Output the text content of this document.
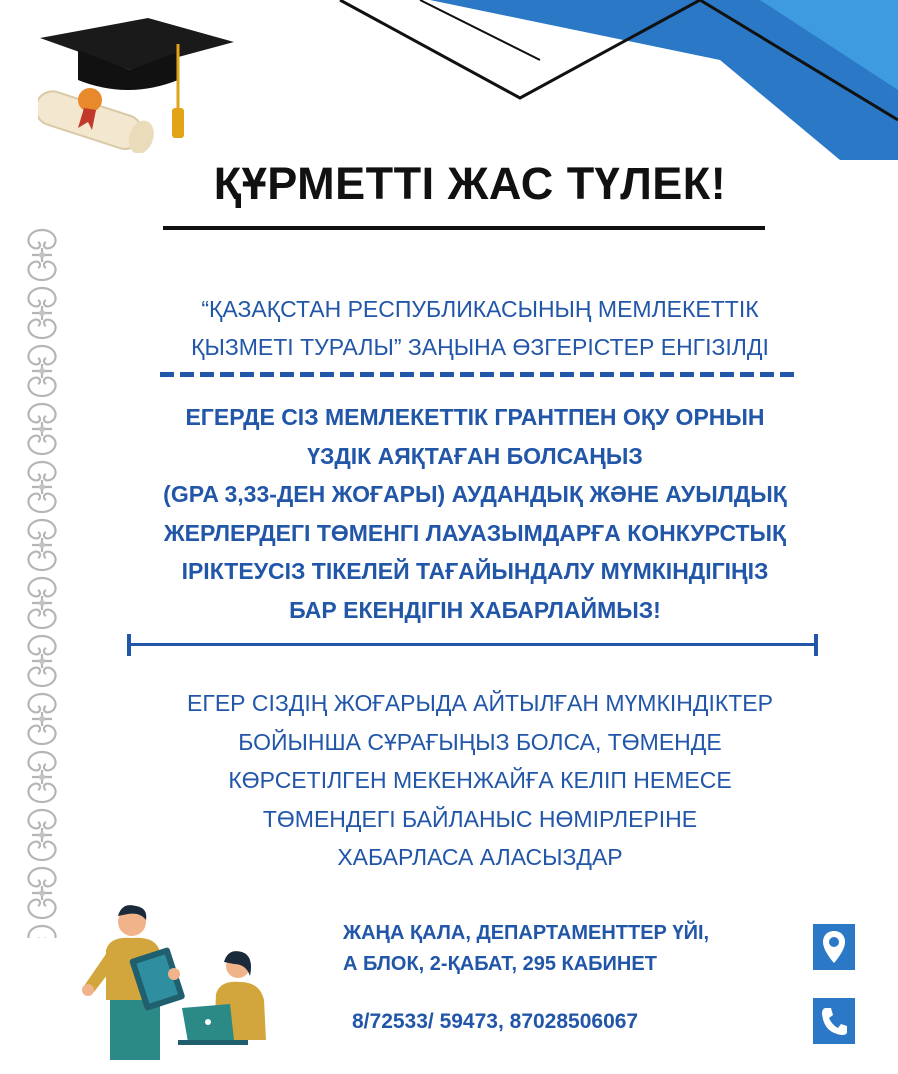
ҚҰРМЕТТІ ЖАС ТҮЛЕК!
“ҚАЗАҚСТАН РЕСПУБЛИКАСЫНЫҢ МЕМЛЕКЕТТІК
ҚЫЗМЕТІ ТУРАЛЫ” ЗАҢЫНА ӨЗГЕРІСТЕР ЕНГІЗІЛДІ
ЕГЕРДЕ СІЗ МЕМЛЕКЕТТІК ГРАНТПЕН ОҚУ ОРНЫН
ҮЗДІК АЯҚТАҒАН БОЛСАҢЫЗ
(GPA 3,33-ДЕН ЖОҒАРЫ) АУДАНДЫҚ ЖӘНЕ АУЫЛДЫҚ
ЖЕРЛЕРДЕГІ ТӨМЕНГІ ЛАУАЗЫМДАРҒА КОНКУРСТЫҚ
ІРІКТЕУСІЗ ТІКЕЛЕЙ ТАҒАЙЫНДАЛУ МҮМКІНДІГІҢІЗ
БАР ЕКЕНДІГІН ХАБАРЛАЙМЫЗ!
ЕГЕР СІЗДІҢ ЖОҒАРЫДА АЙТЫЛҒАН МҮМКІНДІКТЕР
БОЙЫНША СҰРАҒЫҢЫЗ БОЛСА, ТӨМЕНДЕ
КӨРСЕТІЛГЕН МЕКЕНЖАЙҒА КЕЛІП НЕМЕСЕ
ТӨМЕНДЕГІ БАЙЛАНЫС НӨМІРЛЕРІНЕ
ХАБАРЛАСА АЛАСЫЗДАР
ЖАҢА ҚАЛА, ДЕПАРТАМЕНТТЕР ҮЙІ,
А БЛОК, 2-ҚАБАТ, 295 КАБИНЕТ
8/72533/ 59473, 87028506067
